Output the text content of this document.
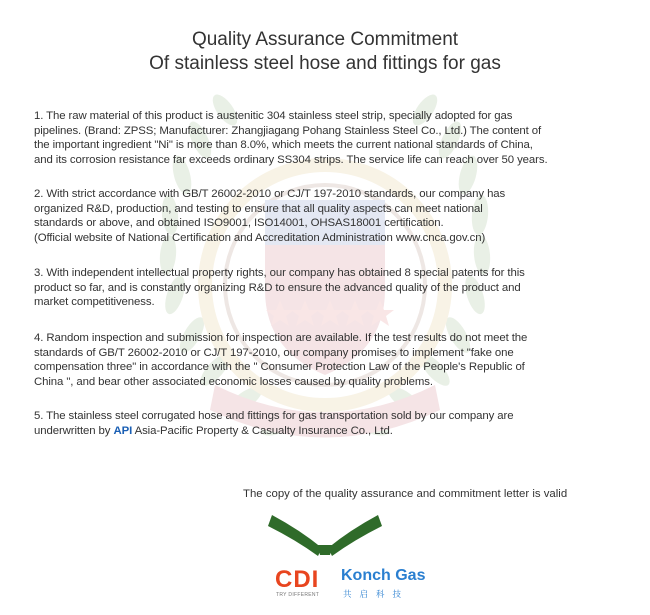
Quality Assurance Commitment
Of stainless steel hose and fittings for gas
1. The raw material of this product is austenitic 304 stainless steel strip, specially adopted for gas
pipelines. (Brand: ZPSS; Manufacturer: Zhangjiagang Pohang Stainless Steel Co., Ltd.) The content of
the important ingredient "Ni" is more than 8.0%, which meets the current national standards of China,
and its corrosion resistance far exceeds ordinary SS304 strips. The service life can reach over 50 years.
2. With strict accordance with GB/T 26002-2010 or CJ/T 197-2010 standards, our company has
organized R&D, production, and testing to ensure that all quality aspects can meet national
standards or above, and obtained ISO9001, ISO14001, OHSAS18001 certification.
(Official website of National Certification and Accreditation Administration www.cnca.gov.cn)
3. With independent intellectual property rights, our company has obtained 8 special patents for this
product so far, and is constantly organizing R&D to ensure the advanced quality of the product and
market competitiveness.
4. Random inspection and submission for inspection are available. If the test results do not meet the
standards of GB/T 26002-2010 or CJ/T 197-2010, our company promises to implement "fake one
compensation three" in accordance with the " Consumer Protection Law of the People's Republic of
China ", and bear other associated economic losses caused by quality problems.
5. The stainless steel corrugated hose and fittings for gas transportation sold by our company are
underwritten by API Asia-Pacific Property & Casualty Insurance Co., Ltd.
The copy of the quality assurance and commitment letter is valid
CDI
TRY DIFFERENT
Konch Gas
共启科技
